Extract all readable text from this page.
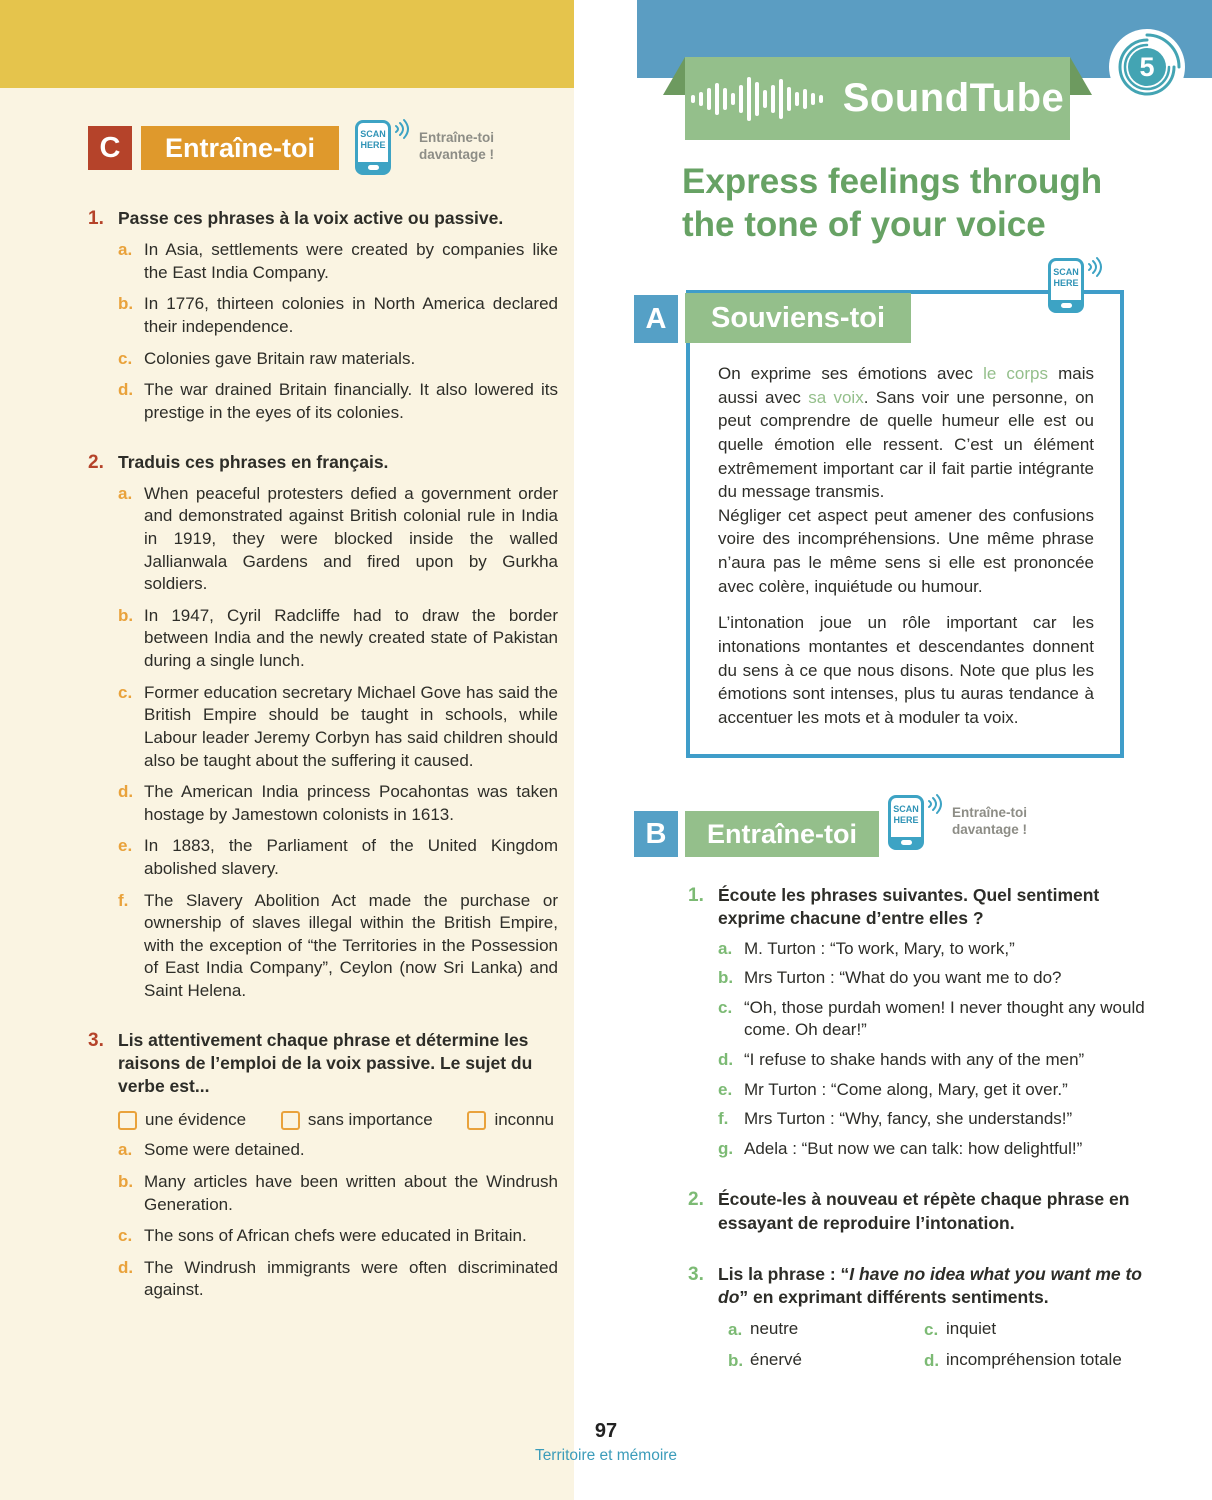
C	Entraîne-toi	SCAN
HERE Entraîne-toi
davantage !
1. Passe ces phrases à la voix active ou passive.
a. In Asia, settlements were created by companies like the East India Company.
b. In 1776, thirteen colonies in North America declared their independence.
c. Colonies gave Britain raw materials.
d. The war drained Britain financially. It also lowered its prestige in the eyes of its colonies.
2. Traduis ces phrases en français.
a. When peaceful protesters defied a government order and demonstrated against British colonial rule in India in 1919, they were blocked inside the walled Jallianwala Gardens and fired upon by Gurkha soldiers.
b. In 1947, Cyril Radcliffe had to draw the border between India and the newly created state of Pakistan during a single lunch.
c. Former education secretary Michael Gove has said the British Empire should be taught in schools, while Labour leader Jeremy Corbyn has said children should also be taught about the suffering it caused.
d. The American India princess Pocahontas was taken hostage by Jamestown colonists in 1613.
e. In 1883, the Parliament of the United Kingdom abolished slavery.
f. The Slavery Abolition Act made the purchase or ownership of slaves illegal within the British Empire, with the exception of “the Territories in the Possession of East India Company”, Ceylon (now Sri Lanka) and Saint Helena.
3. Lis attentivement chaque phrase et détermine les raisons de l’emploi de la voix passive. Le sujet du verbe est...
une évidence	sans importance	inconnu
a. Some were detained.
b. Many articles have been written about the Windrush Generation.
c. The sons of African chefs were educated in Britain.
d. The Windrush immigrants were often discriminated against.
SoundTube
5
Express feelings through
the tone of your voice

On exprime ses émotions avec le corps mais aussi avec sa voix. Sans voir une personne, on peut comprendre de quelle humeur elle est ou quelle émotion elle ressent. C’est un élément extrêmement important car il fait partie intégrante du message transmis.

Négliger cet aspect peut amener des confusions voire des incompréhensions. Une même phrase n’aura pas le même sens si elle est prononcée avec colère, inquiétude ou humour.

L’intonation joue un rôle important car les intonations montantes et descendantes donnent du sens à ce que nous disons. Note que plus les émotions sont intenses, plus tu auras tendance à accentuer les mots et à moduler ta voix.

A	Souviens-toi
SCAN
HERE
B	Entraîne-toi
SCAN
HERE Entraîne-toi
davantage !
1. Écoute les phrases suivantes. Quel sentiment exprime chacune d’entre elles ?
a. M. Turton : “To work, Mary, to work,”
b. Mrs Turton : “What do you want me to do?
c. “Oh, those purdah women! I never thought any would come. Oh dear!”
d. “I refuse to shake hands with any of the men”
e. Mr Turton : “Come along, Mary, get it over.”
f. Mrs Turton : “Why, fancy, she understands!”
g. Adela : “But now we can talk: how delightful!”
2. Écoute-les à nouveau et répète chaque phrase en essayant de reproduire l’intonation.
3. Lis la phrase : “I have no idea what you want me to do” en exprimant différents sentiments.
a. neutre
b. énervé
c. inquiet
d. incompréhension totale
97
Territoire et mémoire
